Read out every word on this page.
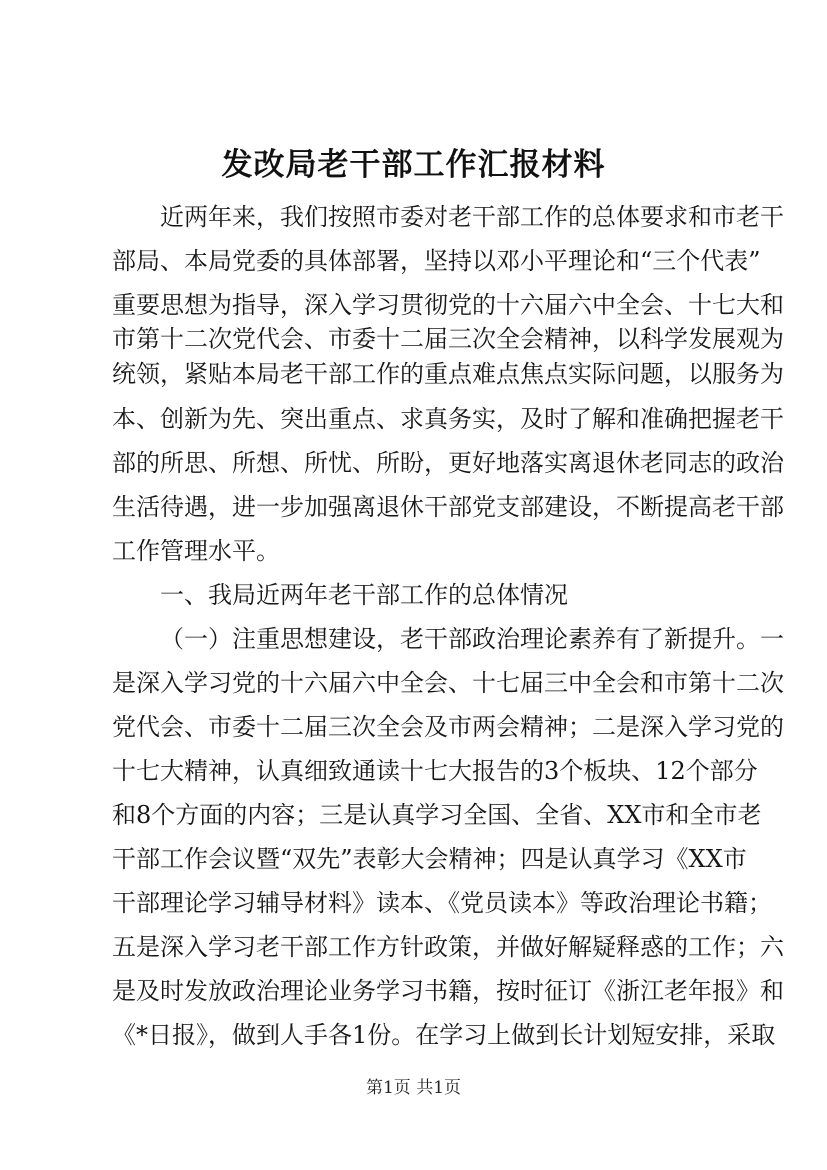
发改局老干部工作汇报材料
近两年来，我们按照市委对老干部工作的总体要求和市老干
部局、本局党委的具体部署，坚持以邓小平理论和“三个代表”
重要思想为指导，深入学习贯彻党的十六届六中全会、十七大和
市第十二次党代会、市委十二届三次全会精神，以科学发展观为
统领，紧贴本局老干部工作的重点难点焦点实际问题，以服务为
本、创新为先、突出重点、求真务实，及时了解和准确把握老干
部的所思、所想、所忧、所盼，更好地落实离退休老同志的政治
生活待遇，进一步加强离退休干部党支部建设，不断提高老干部
工作管理水平。
一、我局近两年老干部工作的总体情况
（一）注重思想建设，老干部政治理论素养有了新提升。一
是深入学习党的十六届六中全会、十七届三中全会和市第十二次
党代会、市委十二届三次全会及市两会精神；二是深入学习党的
十七大精神，认真细致通读十七大报告的3个板块、12个部分
和8个方面的内容；三是认真学习全国、全省、XX市和全市老
干部工作会议暨“双先”表彰大会精神；四是认真学习《XX市
干部理论学习辅导材料》读本、《党员读本》等政治理论书籍；
五是深入学习老干部工作方针政策，并做好解疑释惑的工作；六
是及时发放政治理论业务学习书籍，按时征订《浙江老年报》和
《*日报》，做到人手各1份。在学习上做到长计划短安排，采取
第1页 共1页
